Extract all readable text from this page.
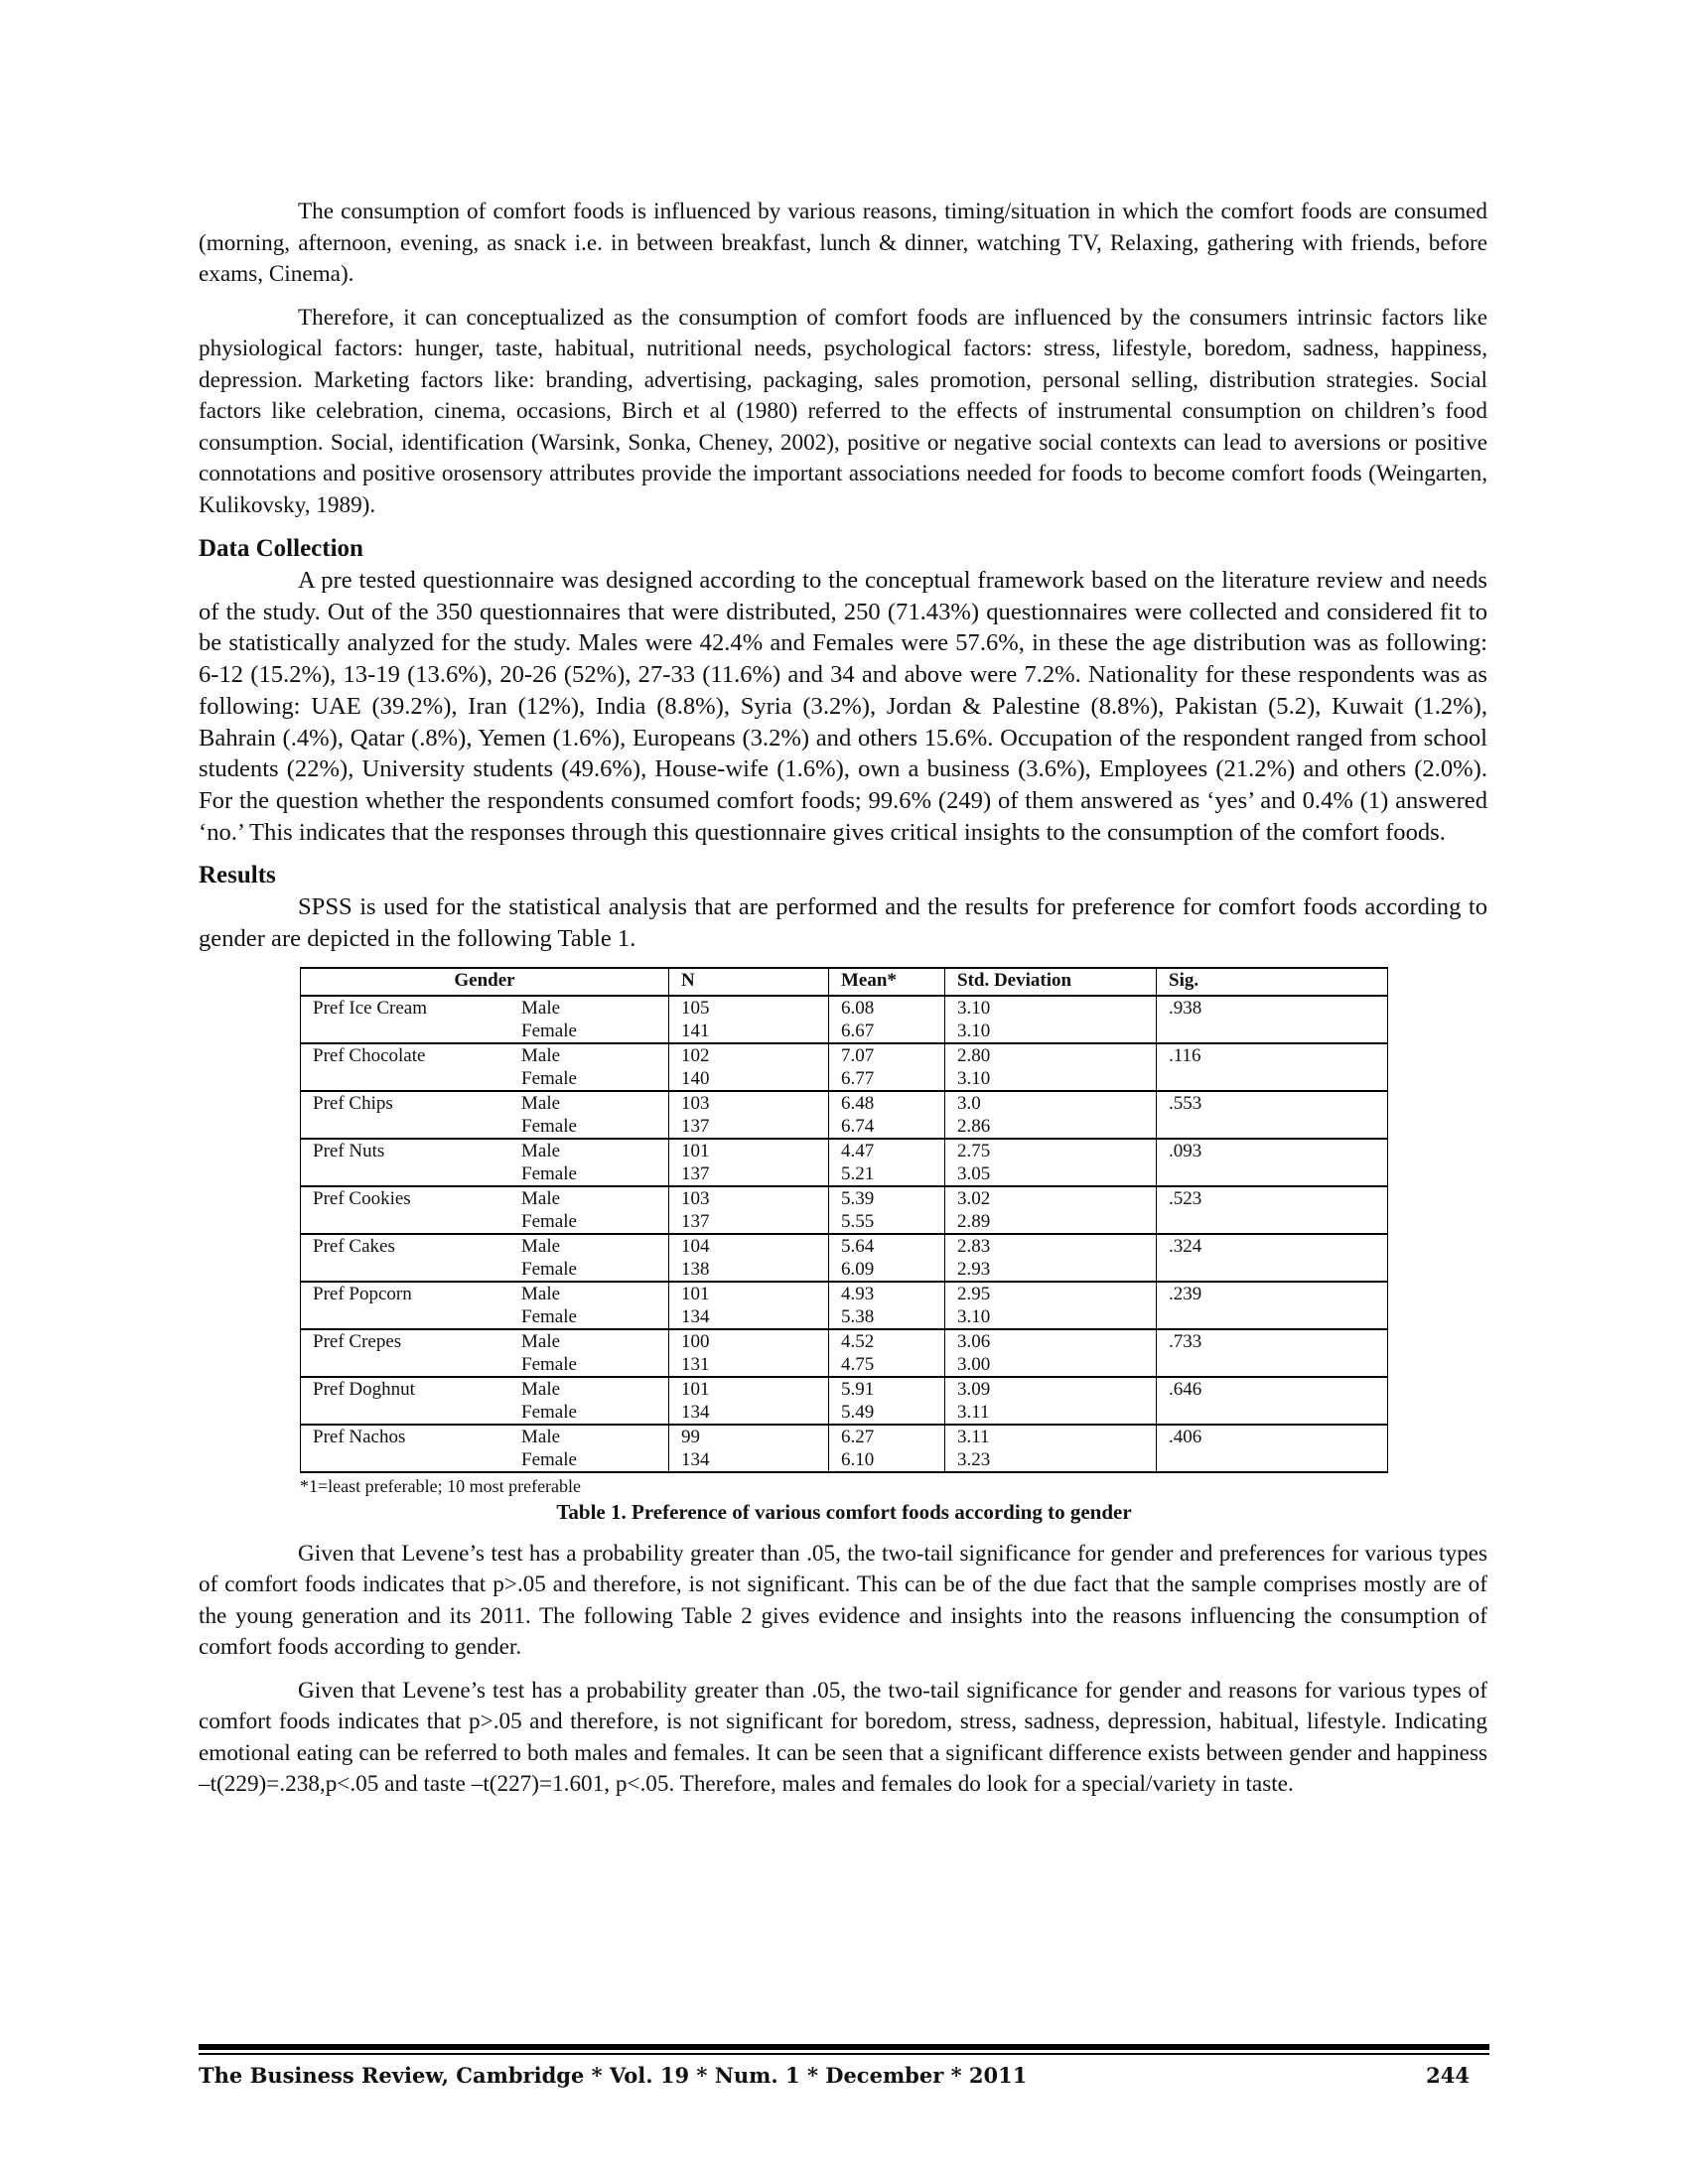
The consumption of comfort foods is influenced by various reasons, timing/situation in which the comfort foods are consumed (morning, afternoon, evening, as snack i.e. in between breakfast, lunch & dinner, watching TV, Relaxing, gathering with friends, before exams, Cinema).

Therefore, it can conceptualized as the consumption of comfort foods are influenced by the consumers intrinsic factors like physiological factors: hunger, taste, habitual, nutritional needs, psychological factors: stress, lifestyle, boredom, sadness, happiness, depression. Marketing factors like: branding, advertising, packaging, sales promotion, personal selling, distribution strategies. Social factors like celebration, cinema, occasions, Birch et al (1980) referred to the effects of instrumental consumption on children’s food consumption. Social, identification (Warsink, Sonka, Cheney, 2002), positive or negative social contexts can lead to aversions or positive connotations and positive orosensory attributes provide the important associations needed for foods to become comfort foods (Weingarten, Kulikovsky, 1989).

Data Collection

A pre tested questionnaire was designed according to the conceptual framework based on the literature review and needs of the study. Out of the 350 questionnaires that were distributed, 250 (71.43%) questionnaires were collected and considered fit to be statistically analyzed for the study. Males were 42.4% and Females were 57.6%, in these the age distribution was as following: 6-12 (15.2%), 13-19 (13.6%), 20-26 (52%), 27-33 (11.6%) and 34 and above were 7.2%. Nationality for these respondents was as following: UAE (39.2%), Iran (12%), India (8.8%), Syria (3.2%), Jordan & Palestine (8.8%), Pakistan (5.2), Kuwait (1.2%), Bahrain (.4%), Qatar (.8%), Yemen (1.6%), Europeans (3.2%) and others 15.6%. Occupation of the respondent ranged from school students (22%), University students (49.6%), House-wife (1.6%), own a business (3.6%), Employees (21.2%) and others (2.0%). For the question whether the respondents consumed comfort foods; 99.6% (249) of them answered as ‘yes’ and 0.4% (1) answered ‘no.’ This indicates that the responses through this questionnaire gives critical insights to the consumption of the comfort foods.

Results

SPSS is used for the statistical analysis that are performed and the results for preference for comfort foods according to gender are depicted in the following Table 1.

Gender		N	Mean*	Std. Deviation	Sig.
Pref Ice Cream	Male	105	6.08	3.10	.938
	Female	141	6.67	3.10	
Pref Chocolate	Male	102	7.07	2.80	.116
	Female	140	6.77	3.10	
Pref Chips	Male	103	6.48	3.0	.553
	Female	137	6.74	2.86	
Pref Nuts	Male	101	4.47	2.75	.093
	Female	137	5.21	3.05	
Pref Cookies	Male	103	5.39	3.02	.523
	Female	137	5.55	2.89	
Pref Cakes	Male	104	5.64	2.83	.324
	Female	138	6.09	2.93	
Pref Popcorn	Male	101	4.93	2.95	.239
	Female	134	5.38	3.10	
Pref Crepes	Male	100	4.52	3.06	.733
	Female	131	4.75	3.00	
Pref Doghnut	Male	101	5.91	3.09	.646
	Female	134	5.49	3.11	
Pref Nachos	Male	99	6.27	3.11	.406
	Female	134	6.10	3.23	
*1=least preferable; 10 most preferable
Table 1. Preference of various comfort foods according to gender

Given that Levene’s test has a probability greater than .05, the two-tail significance for gender and preferences for various types of comfort foods indicates that p>.05 and therefore, is not significant. This can be of the due fact that the sample comprises mostly are of the young generation and its 2011. The following Table 2 gives evidence and insights into the reasons influencing the consumption of comfort foods according to gender.

Given that Levene’s test has a probability greater than .05, the two-tail significance for gender and reasons for various types of comfort foods indicates that p>.05 and therefore, is not significant for boredom, stress, sadness, depression, habitual, lifestyle. Indicating emotional eating can be referred to both males and females. It can be seen that a significant difference exists between gender and happiness –t(229)=.238,p<.05 and taste –t(227)=1.601, p<.05. Therefore, males and females do look for a special/variety in taste.

The Business Review, Cambridge * Vol. 19 * Num. 1 * December * 2011	244
